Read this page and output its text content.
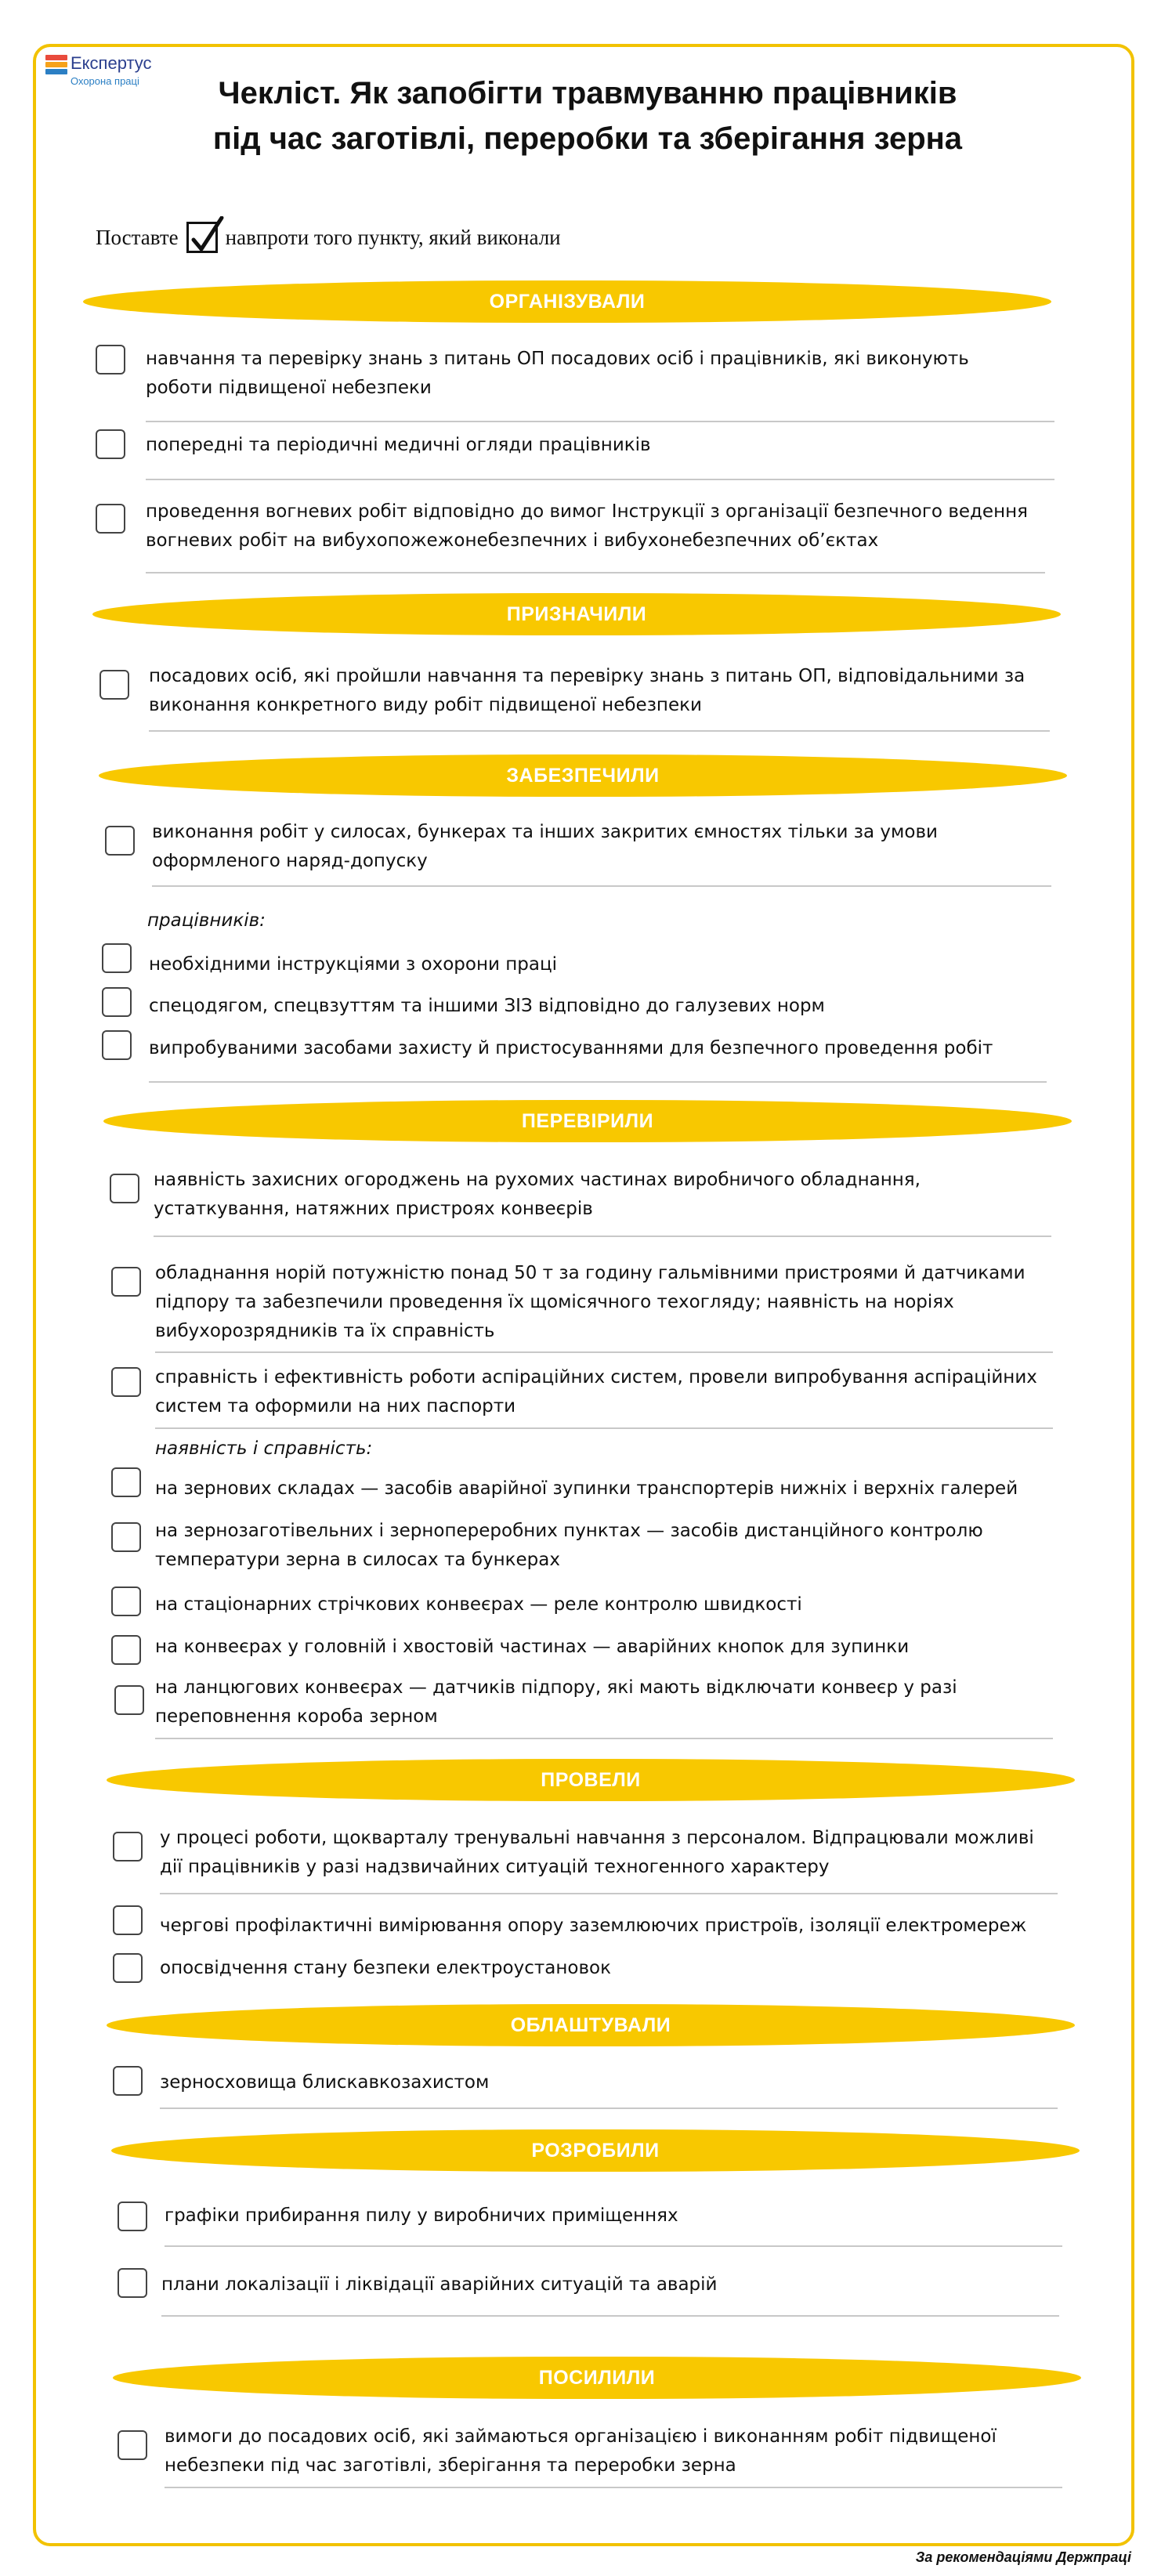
Експертус
Охорона праці	Чекліст. Як запобігти травмуванню працівників
під час заготівлі, переробки та зберігання зерна
Поставте навпроти того пункту, який виконали
ОРГАНІЗУВАЛИ
навчання та перевірку знань з питань ОП посадових осіб і працівників, які виконують роботи підвищеної небезпеки
попередні та періодичні медичні огляди працівників
проведення вогневих робіт відповідно до вимог Інструкції з організації безпечного ведення вогневих робіт на вибухопожежонебезпечних і вибухонебезпечних об’єктах
ПРИЗНАЧИЛИ
посадових осіб, які пройшли навчання та перевірку знань з питань ОП, відповідальними за виконання конкретного виду робіт підвищеної небезпеки
ЗАБЕЗПЕЧИЛИ
виконання робіт у силосах, бункерах та інших закритих ємностях тільки за умови оформленого наряд-допуску
працівників:
необхідними інструкціями з охорони праці
спецодягом, спецвзуттям та іншими ЗІЗ відповідно до галузевих норм
випробуваними засобами захисту й пристосуваннями для безпечного проведення робіт
ПЕРЕВІРИЛИ
наявність захисних огороджень на рухомих частинах виробничого обладнання, устаткування, натяжних пристроях конвеєрів
обладнання норій потужністю понад 50 т за годину гальмівними пристроями й датчиками підпору та забезпечили проведення їх щомісячного техогляду; наявність на норіях вибухорозрядників та їх справність
справність і ефективність роботи аспіраційних систем, провели випробування аспіраційних систем та оформили на них паспорти
наявність і справність:
на зернових складах — засобів аварійної зупинки транспортерів нижніх і верхніх галерей
на зернозаготівельних і зернопереробних пунктах — засобів дистанційного контролю температури зерна в силосах та бункерах
на стаціонарних стрічкових конвеєрах — реле контролю швидкості
на конвеєрах у головній і хвостовій частинах — аварійних кнопок для зупинки
на ланцюгових конвеєрах — датчиків підпору, які мають відключати конвеєр у разі переповнення короба зерном
ПРОВЕЛИ
у процесі роботи, щокварталу тренувальні навчання з персоналом. Відпрацювали можливі дії працівників у разі надзвичайних ситуацій техногенного характеру
чергові профілактичні вимірювання опору заземлюючих пристроїв, ізоляції електромереж
опосвідчення стану безпеки електроустановок
ОБЛАШТУВАЛИ
зерносховища блискавкозахистом
РОЗРОБИЛИ
графіки прибирання пилу у виробничих приміщеннях
плани локалізації і ліквідації аварійних ситуацій та аварій
ПОСИЛИЛИ
вимоги до посадових осіб, які займаються організацією і виконанням робіт підвищеної небезпеки під час заготівлі, зберігання та переробки зерна
За рекомендаціями Держпраці
